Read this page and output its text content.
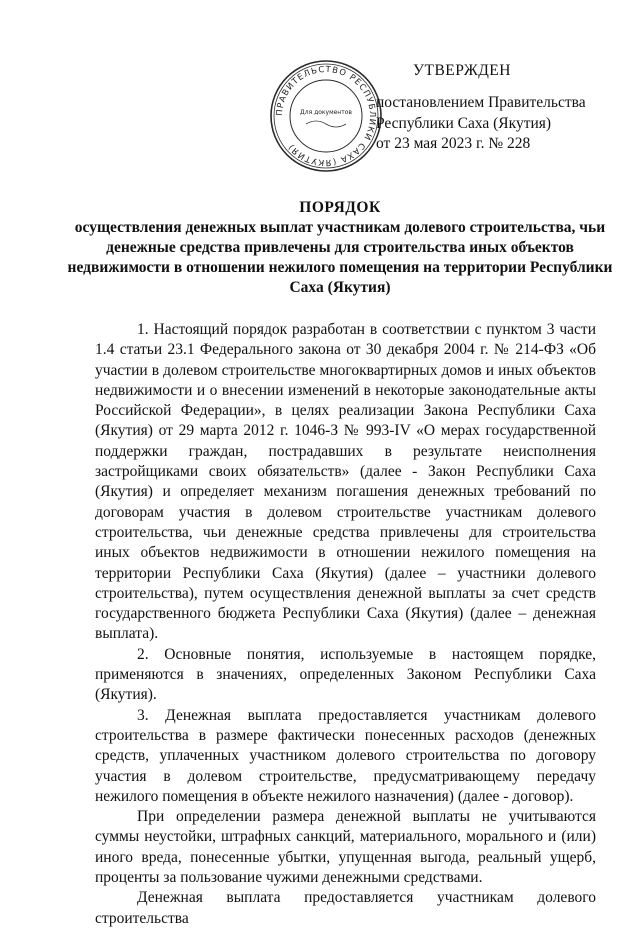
УТВЕРЖДЕН
ПРАВИТЕЛЬСТВО РЕСПУБЛИКИ САХА (ЯКУТИЯ)
Для документов
постановлением Правительства
Республики Саха (Якутия)
от 23 мая 2023 г. № 228
ПОРЯДОК
осуществления денежных выплат участникам долевого строительства, чьи денежные средства привлечены для строительства иных объектов недвижимости в отношении нежилого помещения на территории Республики Саха (Якутия)

1. Настоящий порядок разработан в соответствии с пунктом 3 части 1.4 статьи 23.1 Федерального закона от 30 декабря 2004 г. № 214-ФЗ «Об участии в долевом строительстве многоквартирных домов и иных объектов недвижимости и о внесении изменений в некоторые законодательные акты Российской Федерации», в целях реализации Закона Республики Саха (Якутия) от 29 марта 2012 г. 1046-З № 993-IV «О мерах государственной поддержки граждан, пострадавших в результате неисполнения застройщиками своих обязательств» (далее - Закон Республики Саха (Якутия) и определяет механизм погашения денежных требований по договорам участия в долевом строительстве участникам долевого строительства, чьи денежные средства привлечены для строительства иных объектов недвижимости в отношении нежилого помещения на территории Республики Саха (Якутия) (далее – участники долевого строительства), путем осуществления денежной выплаты за счет средств государственного бюджета Республики Саха (Якутия) (далее – денежная выплата).

2. Основные понятия, используемые в настоящем порядке, применяются в значениях, определенных Законом Республики Саха (Якутия).

3. Денежная выплата предоставляется участникам долевого строительства в размере фактически понесенных расходов (денежных средств, уплаченных участником долевого строительства по договору участия в долевом строительстве, предусматривающему передачу нежилого помещения в объекте нежилого назначения) (далее - договор).

При определении размера денежной выплаты не учитываются суммы неустойки, штрафных санкций, материального, морального и (или) иного вреда, понесенные убытки, упущенная выгода, реальный ущерб, проценты за пользование чужими денежными средствами.

Денежная выплата предоставляется участникам долевого строительства
